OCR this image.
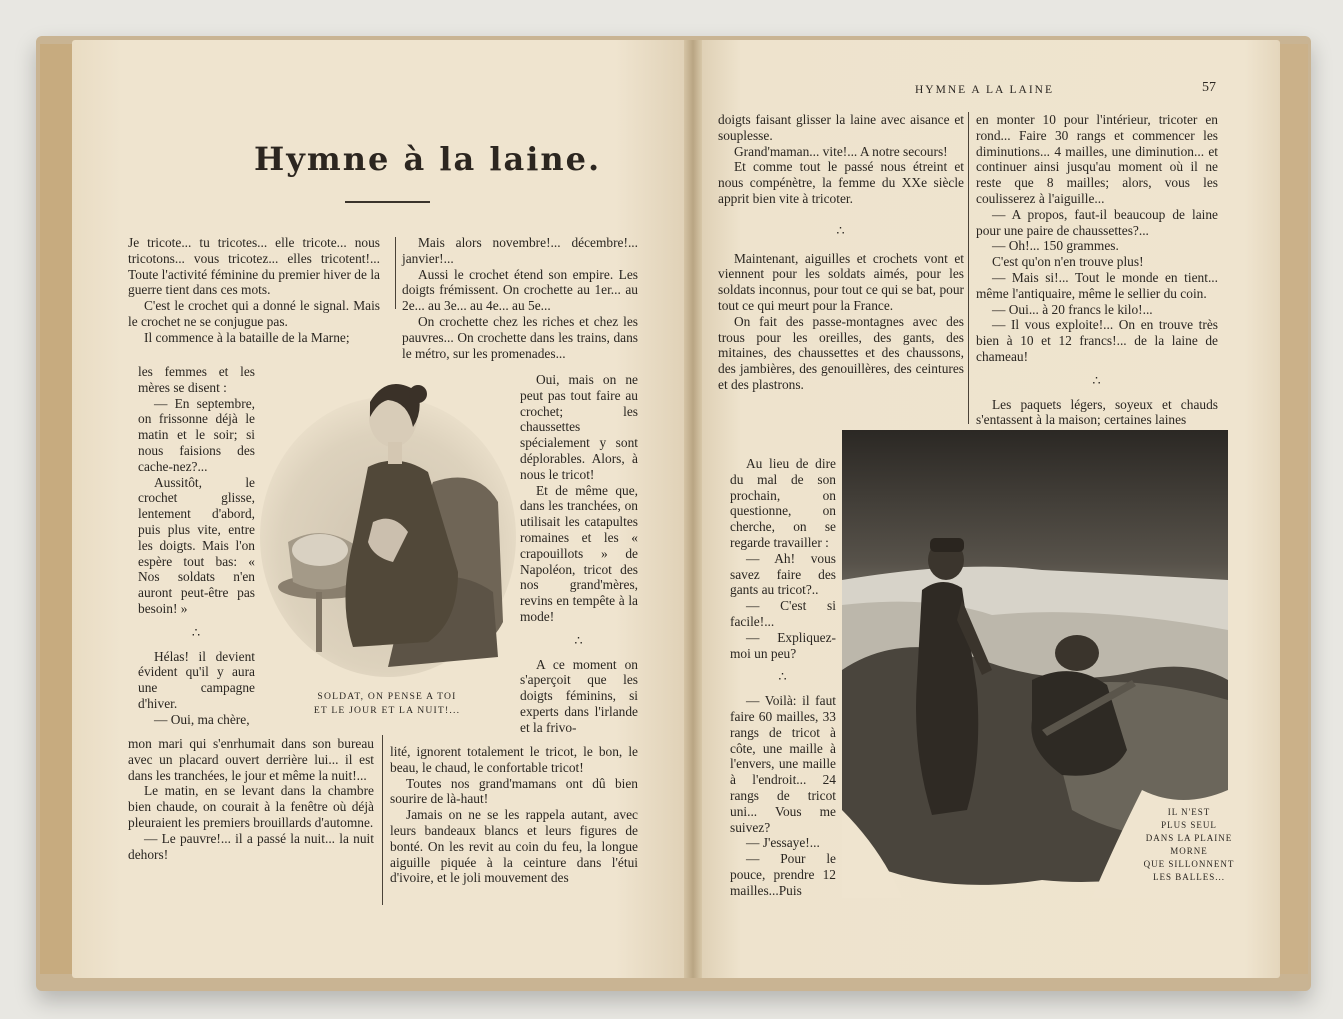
Hymne à la laine.

Je tricote... tu tricotes... elle tricote... nous tricotons... vous tricotez... elles tricotent!... Toute l'activité féminine du premier hiver de la guerre tient dans ces mots.

C'est le crochet qui a donné le signal. Mais le crochet ne se conjugue pas.

Il commence à la bataille de la Marne;

les femmes et les mères se disent :

— En septembre, on frissonne déjà le matin et le soir; si nous faisions des cache-nez?...

Aussitôt, le crochet glisse, lentement d'abord, puis plus vite, entre les doigts. Mais l'on espère tout bas: « Nos soldats n'en auront peut-être pas besoin! »

∴

Hélas! il devient évident qu'il y aura une campagne d'hiver.

— Oui, ma chère,

mon mari qui s'enrhumait dans son bureau avec un placard ouvert derrière lui... il est dans les tranchées, le jour et même la nuit!...

Le matin, en se levant dans la chambre bien chaude, on courait à la fenêtre où déjà pleuraient les premiers brouillards d'automne.

— Le pauvre!... il a passé la nuit... la nuit dehors!

Mais alors novembre!... décembre!... janvier!...

Aussi le crochet étend son empire. Les doigts frémissent. On crochette au 1er... au 2e... au 3e... au 4e... au 5e...

On crochette chez les riches et chez les pauvres... On crochette dans les trains, dans le métro, sur les promenades...

Oui, mais on ne peut pas tout faire au crochet; les chaussettes spécialement y sont déplorables. Alors, à nous le tricot!

Et de même que, dans les tranchées, on utilisait les catapultes romaines et les « crapouillots » de Napoléon, tricot des nos grand'mères, revins en tempête à la mode!

∴

A ce moment on s'aperçoit que les doigts féminins, si experts dans l'irlande et la frivo-

lité, ignorent totalement le tricot, le bon, le beau, le chaud, le confortable tricot!

Toutes nos grand'mamans ont dû bien sourire de là-haut!

Jamais on ne se les rappela autant, avec leurs bandeaux blancs et leurs figures de bonté. On les revit au coin du feu, la longue aiguille piquée à la ceinture dans l'étui d'ivoire, et le joli mouvement des

SOLDAT, ON PENSE A TOI
ET LE JOUR ET LA NUIT!...
HYMNE A LA LAINE	57

doigts faisant glisser la laine avec aisance et souplesse.

Grand'maman... vite!... A notre secours!

Et comme tout le passé nous étreint et nous compénètre, la femme du XXe siècle apprit bien vite à tricoter.

∴

Maintenant, aiguilles et crochets vont et viennent pour les soldats aimés, pour les soldats inconnus, pour tout ce qui se bat, pour tout ce qui meurt pour la France.

On fait des passe-montagnes avec des trous pour les oreilles, des gants, des mitaines, des chaussettes et des chaussons, des jambières, des genouillères, des ceintures et des plastrons.

Au lieu de dire du mal de son prochain, on questionne, on cherche, on se regarde travailler :

— Ah! vous savez faire des gants au tricot?..

— C'est si facile!...

— Expliquez-moi un peu?

∴

— Voilà: il faut faire 60 mailles, 33 rangs de tricot à côte, une maille à l'envers, une maille à l'endroit... 24 rangs de tricot uni... Vous me suivez?

— J'essaye!...

— Pour le pouce, prendre 12 mailles...Puis

en monter 10 pour l'intérieur, tricoter en rond... Faire 30 rangs et commencer les diminutions... 4 mailles, une diminution... et continuer ainsi jusqu'au moment où il ne reste que 8 mailles; alors, vous les coulisserez à l'aiguille...

— A propos, faut-il beaucoup de laine pour une paire de chaussettes?...

— Oh!... 150 grammes.

C'est qu'on n'en trouve plus!

— Mais si!... Tout le monde en tient... même l'antiquaire, même le sellier du coin.

— Oui... à 20 francs le kilo!...

— Il vous exploite!... On en trouve très bien à 10 et 12 francs!... de la laine de chameau!

∴

Les paquets légers, soyeux et chauds s'entassent à la maison; certaines laines

IL N'EST
PLUS SEUL
DANS LA PLAINE
MORNE
QUE SILLONNENT
LES BALLES...
